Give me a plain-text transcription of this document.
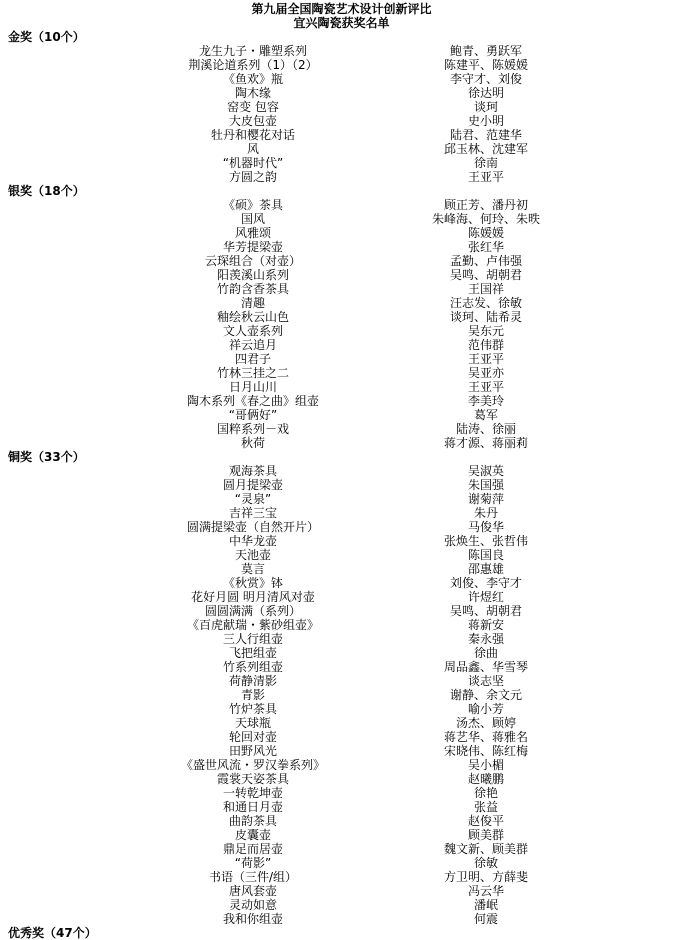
第九届全国陶瓷艺术设计创新评比
宜兴陶瓷获奖名单
金奖（10个）
龙生九子・雕塑系列	鲍青、勇跃军
荆溪论道系列（1）（2）	陈建平、陈媛媛
《鱼欢》瓶	李守才、刘俊
陶木缘	徐达明
窑变 包容	谈珂
大皮包壶	史小明
牡丹和樱花对话	陆君、范建华
风	邱玉林、沈建军
“机器时代”	徐南
方圆之韵	王亚平
银奖（18个）
《硕》茶具	顾正芳、潘丹初
国风	朱峰海、何玲、朱昳
风雅颂	陈媛媛
华芳提梁壶	张红华
云琛组合（对壶）	孟勤、卢伟强
阳羡溪山系列	吴鸣、胡朝君
竹韵含香茶具	王国祥
清趣	汪志发、徐敏
釉绘秋云山色	谈珂、陆希灵
文人壶系列	吴东元
祥云追月	范伟群
四君子	王亚平
竹林三挂之二	吴亚亦
日月山川	王亚平
陶木系列《春之曲》组壶	李美玲
“哥俩好”	葛军
国粹系列－戏	陆涛、徐丽
秋荷	蒋才源、蒋丽莉
铜奖（33个）
观海茶具	吴淑英
圆月提梁壶	朱国强
“灵泉”	谢菊萍
吉祥三宝	朱丹
圆满提梁壶（自然开片）	马俊华
中华龙壶	张焕生、张哲伟
天池壶	陈国良
莫言	邵惠雄
《秋赏》钵	刘俊、李守才
花好月圆 明月清风对壶	许煜红
圆圆满满（系列）	吴鸣、胡朝君
《百虎献瑞・紫砂组壶》	蒋新安
三人行组壶	秦永强
飞把组壶	徐曲
竹系列组壶	周品鑫、华雪琴
荷静清影	谈志坚
青影	谢静、余文元
竹炉茶具	喻小芳
天球瓶	汤杰、顾婷
轮回对壶	蒋艺华、蒋雅名
田野风光	宋晓伟、陈红梅
《盛世风流・罗汉拳系列》	吴小楣
霞裳天姿茶具	赵曦鹏
一转乾坤壶	徐艳
和通日月壶	张益
曲韵茶具	赵俊平
皮囊壶	顾美群
鼎足而居壶	魏文新、顾美群
“荷影”	徐敏
书语（三件/组）	方卫明、方薛斐
唐风套壶	冯云华
灵动如意	潘岷
我和你组壶	何震
优秀奖（47个）
